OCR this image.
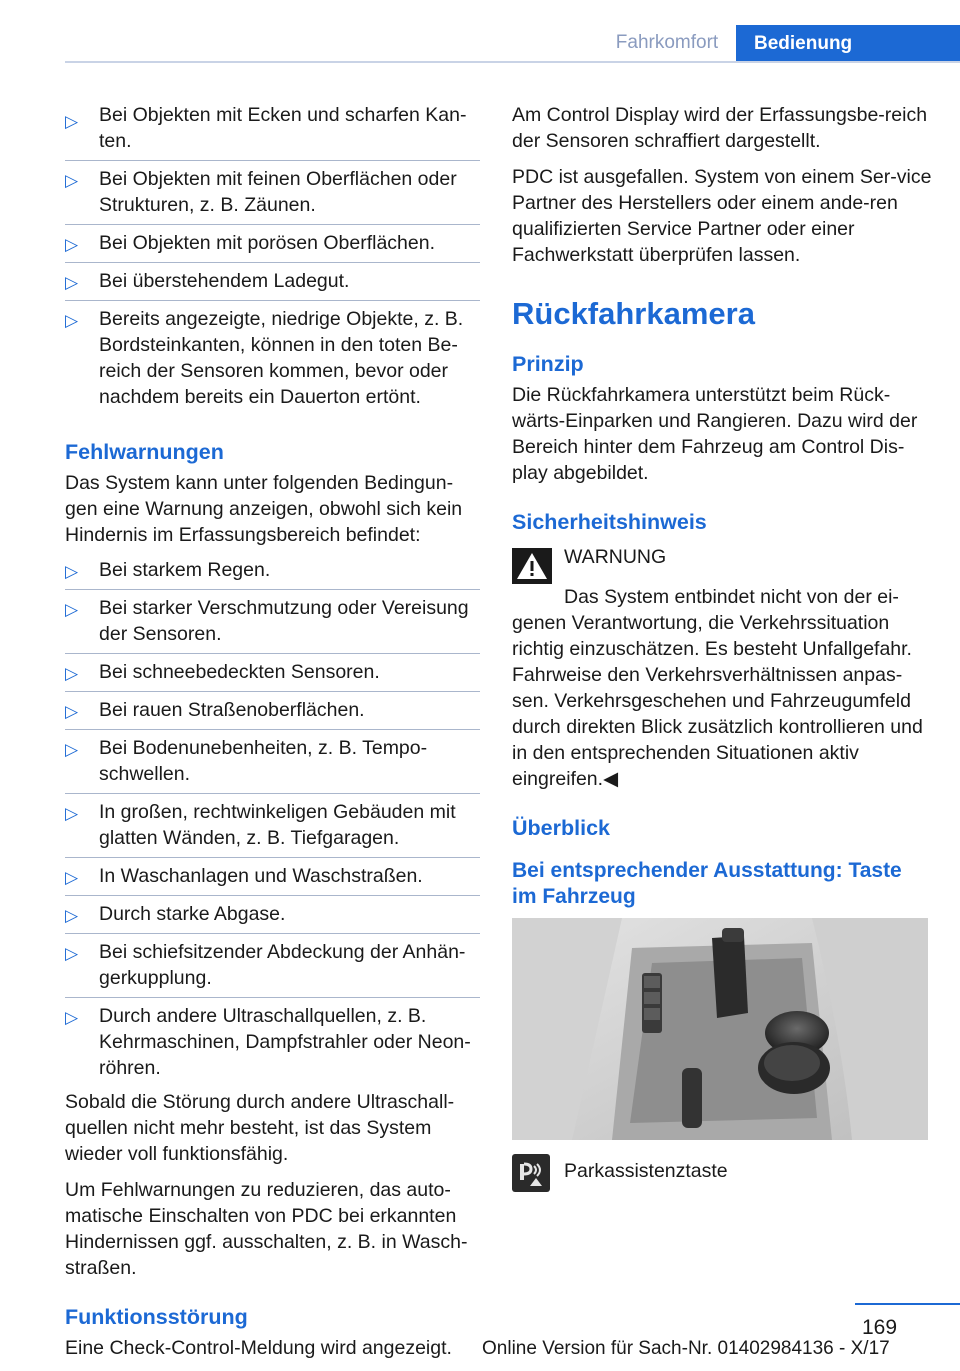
Fahrkomfort	Bedienung
▷ Bei Objekten mit Ecken und scharfen Kan‐ten.
▷ Bei Objekten mit feinen Oberflächen oder Strukturen, z. B. Zäunen.
▷ Bei Objekten mit porösen Oberflächen.
▷ Bei überstehendem Ladegut.
▷ Bereits angezeigte, niedrige Objekte, z. B. Bordsteinkanten, können in den toten Be‐reich der Sensoren kommen, bevor oder nachdem bereits ein Dauerton ertönt.
Fehlwarnungen

Das System kann unter folgenden Bedingun‐gen eine Warnung anzeigen, obwohl sich kein Hindernis im Erfassungsbereich befindet:

▷ Bei starkem Regen.
▷ Bei starker Verschmutzung oder Vereisung der Sensoren.
▷ Bei schneebedeckten Sensoren.
▷ Bei rauen Straßenoberflächen.
▷ Bei Bodenunebenheiten, z. B. Tempo‐schwellen.
▷ In großen, rechtwinkeligen Gebäuden mit glatten Wänden, z. B. Tiefgaragen.
▷ In Waschanlagen und Waschstraßen.
▷ Durch starke Abgase.
▷ Bei schiefsitzender Abdeckung der Anhän‐gerkupplung.
▷ Durch andere Ultraschallquellen, z. B. Kehrmaschinen, Dampfstrahler oder Neon‐röhren.

Sobald die Störung durch andere Ultraschall‐quellen nicht mehr besteht, ist das System wieder voll funktionsfähig.

Um Fehlwarnungen zu reduzieren, das auto‐matische Einschalten von PDC bei erkannten Hindernissen ggf. ausschalten, z. B. in Wasch‐straßen.

Funktionsstörung

Eine Check-Control-Meldung wird angezeigt.

Am Control Display wird der Erfassungsbe‐reich der Sensoren schraffiert dargestellt.

PDC ist ausgefallen. System von einem Ser‐vice Partner des Herstellers oder einem ande‐ren qualifizierten Service Partner oder einer Fachwerkstatt überprüfen lassen.

Rückfahrkamera
Prinzip

Die Rückfahrkamera unterstützt beim Rück‐wärts-Einparken und Rangieren. Dazu wird der Bereich hinter dem Fahrzeug am Control Dis‐play abgebildet.

Sicherheitshinweis
WARNUNG
Das System entbindet nicht von der ei‐genen Verantwortung, die Verkehrssituation richtig einzuschätzen. Es besteht Unfallgefahr. Fahrweise den Verkehrsverhältnissen anpas‐sen. Verkehrsgeschehen und Fahrzeugumfeld durch direkten Blick zusätzlich kontrollieren und in den entsprechenden Situationen aktiv eingreifen.◀
Überblick
Bei entsprechender Ausstattung: Taste im Fahrzeug
Parkassistenztaste
169
Online Version für Sach-Nr. 01402984136 - X/17
